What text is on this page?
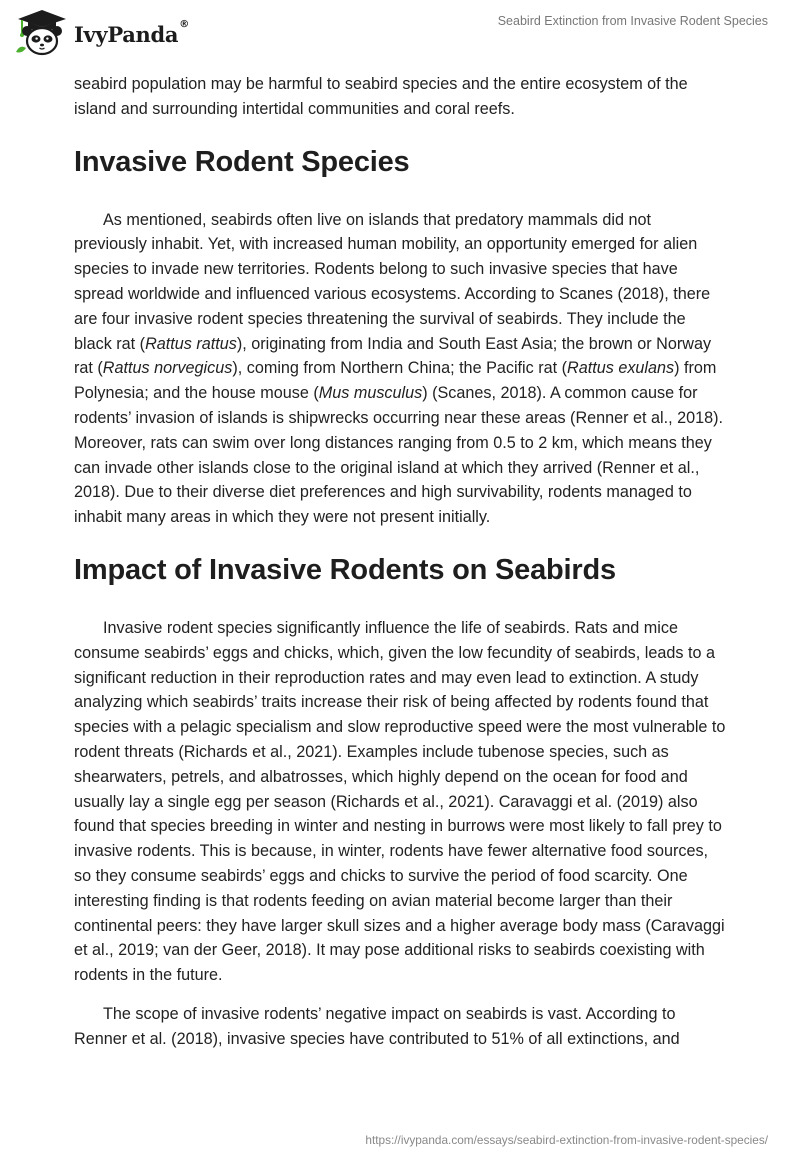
IvyPanda®	Seabird Extinction from Invasive Rodent Species

seabird population may be harmful to seabird species and the entire ecosystem of the island and surrounding intertidal communities and coral reefs.

Invasive Rodent Species

As mentioned, seabirds often live on islands that predatory mammals did not previously inhabit. Yet, with increased human mobility, an opportunity emerged for alien species to invade new territories. Rodents belong to such invasive species that have spread worldwide and influenced various ecosystems. According to Scanes (2018), there are four invasive rodent species threatening the survival of seabirds. They include the black rat (Rattus rattus), originating from India and South East Asia; the brown or Norway rat (Rattus norvegicus), coming from Northern China; the Pacific rat (Rattus exulans) from Polynesia; and the house mouse (Mus musculus) (Scanes, 2018). A common cause for rodents’ invasion of islands is shipwrecks occurring near these areas (Renner et al., 2018). Moreover, rats can swim over long distances ranging from 0.5 to 2 km, which means they can invade other islands close to the original island at which they arrived (Renner et al., 2018). Due to their diverse diet preferences and high survivability, rodents managed to inhabit many areas in which they were not present initially.

Impact of Invasive Rodents on Seabirds

Invasive rodent species significantly influence the life of seabirds. Rats and mice consume seabirds’ eggs and chicks, which, given the low fecundity of seabirds, leads to a significant reduction in their reproduction rates and may even lead to extinction. A study analyzing which seabirds’ traits increase their risk of being affected by rodents found that species with a pelagic specialism and slow reproductive speed were the most vulnerable to rodent threats (Richards et al., 2021). Examples include tubenose species, such as shearwaters, petrels, and albatrosses, which highly depend on the ocean for food and usually lay a single egg per season (Richards et al., 2021). Caravaggi et al. (2019) also found that species breeding in winter and nesting in burrows were most likely to fall prey to invasive rodents. This is because, in winter, rodents have fewer alternative food sources, so they consume seabirds’ eggs and chicks to survive the period of food scarcity. One interesting finding is that rodents feeding on avian material become larger than their continental peers: they have larger skull sizes and a higher average body mass (Caravaggi et al., 2019; van der Geer, 2018). It may pose additional risks to seabirds coexisting with rodents in the future.

The scope of invasive rodents’ negative impact on seabirds is vast. According to Renner et al. (2018), invasive species have contributed to 51% of all extinctions, and

https://ivypanda.com/essays/seabird-extinction-from-invasive-rodent-species/
